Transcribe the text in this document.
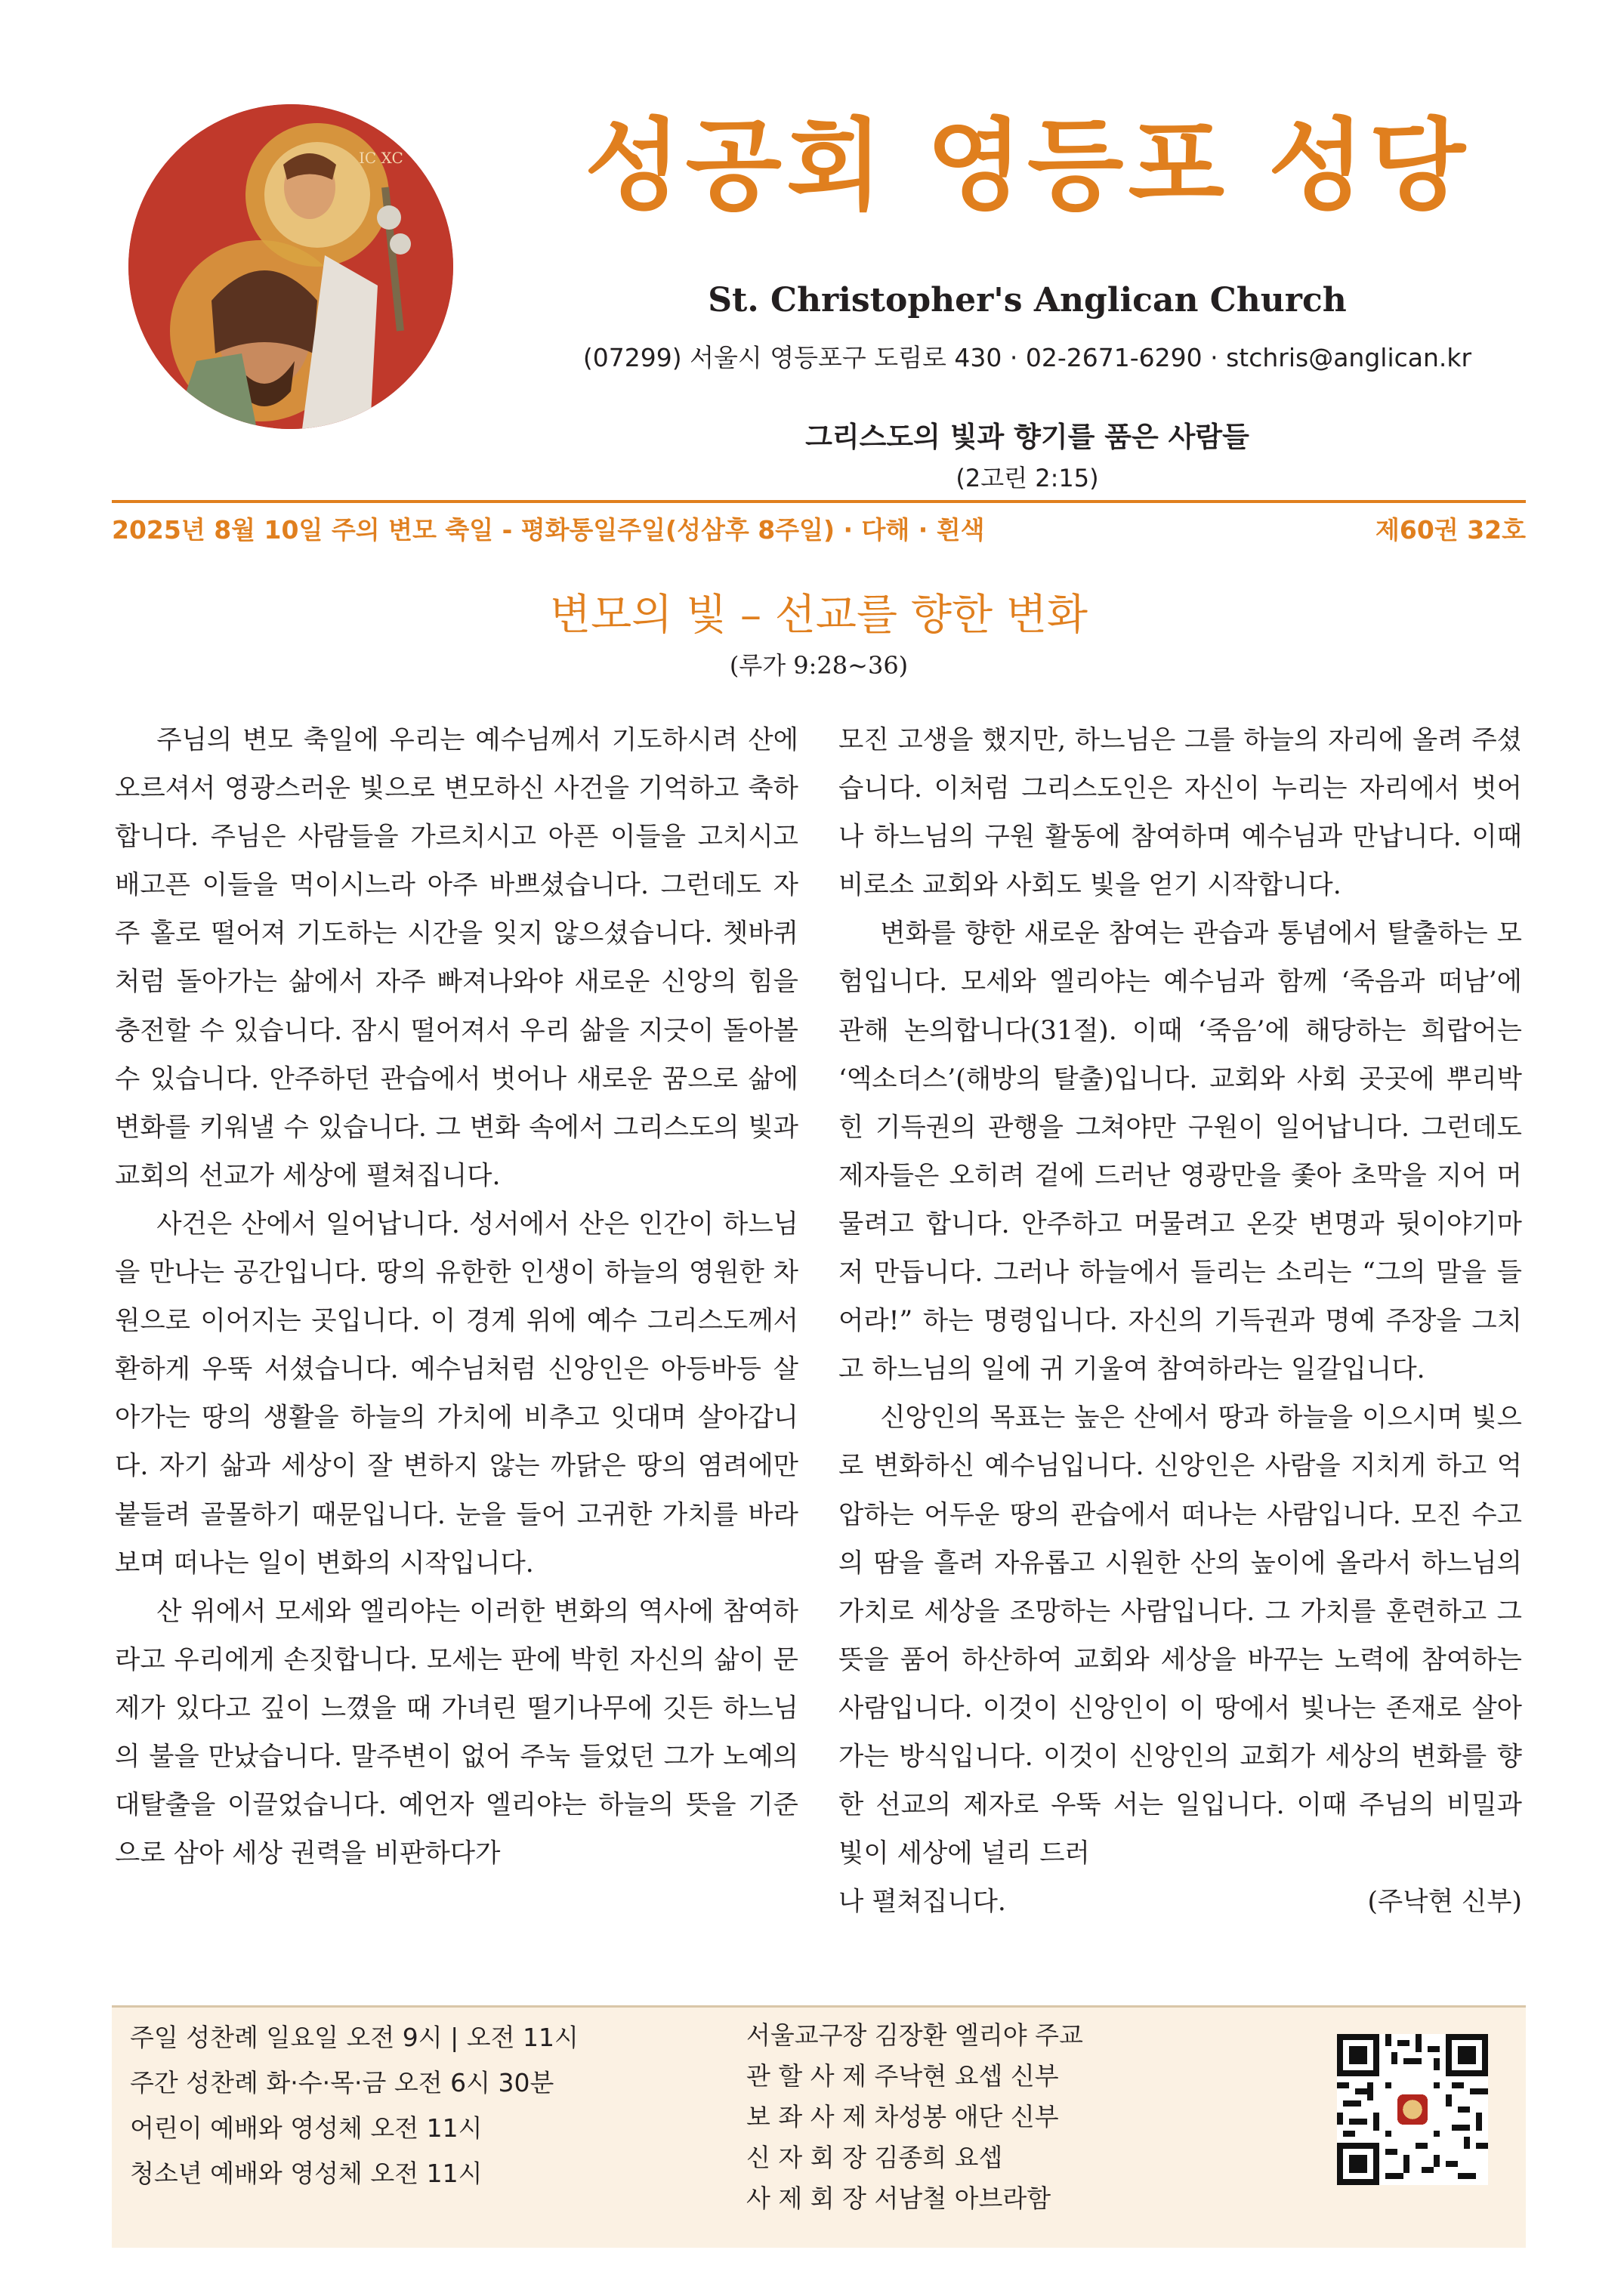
IC XC	성공회 영등포 성당
St. Christopher's Anglican Church
(07299) 서울시 영등포구 도림로 430 · 02-2671-6290 · stchris@anglican.kr
그리스도의 빛과 향기를 품은 사람들
(2고린 2:15)
2025년 8월 10일 주의 변모 축일 - 평화통일주일(성삼후 8주일) · 다해 · 흰색	제60권 32호
변모의 빛 – 선교를 향한 변화
(루가 9:28~36)

주님의 변모 축일에 우리는 예수님께서 기도하시려 산에 오르셔서 영광스러운 빛으로 변모하신 사건을 기억하고 축하합니다. 주님은 사람들을 가르치시고 아픈 이들을 고치시고 배고픈 이들을 먹이시느라 아주 바쁘셨습니다. 그런데도 자주 홀로 떨어져 기도하는 시간을 잊지 않으셨습니다. 쳇바퀴처럼 돌아가는 삶에서 자주 빠져나와야 새로운 신앙의 힘을 충전할 수 있습니다. 잠시 떨어져서 우리 삶을 지긋이 돌아볼 수 있습니다. 안주하던 관습에서 벗어나 새로운 꿈으로 삶에 변화를 키워낼 수 있습니다. 그 변화 속에서 그리스도의 빛과 교회의 선교가 세상에 펼쳐집니다.

사건은 산에서 일어납니다. 성서에서 산은 인간이 하느님을 만나는 공간입니다. 땅의 유한한 인생이 하늘의 영원한 차원으로 이어지는 곳입니다. 이 경계 위에 예수 그리스도께서 환하게 우뚝 서셨습니다. 예수님처럼 신앙인은 아등바등 살아가는 땅의 생활을 하늘의 가치에 비추고 잇대며 살아갑니다. 자기 삶과 세상이 잘 변하지 않는 까닭은 땅의 염려에만 붙들려 골몰하기 때문입니다. 눈을 들어 고귀한 가치를 바라보며 떠나는 일이 변화의 시작입니다.

산 위에서 모세와 엘리야는 이러한 변화의 역사에 참여하라고 우리에게 손짓합니다. 모세는 판에 박힌 자신의 삶이 문제가 있다고 깊이 느꼈을 때 가녀린 떨기나무에 깃든 하느님의 불을 만났습니다. 말주변이 없어 주눅 들었던 그가 노예의 대탈출을 이끌었습니다. 예언자 엘리야는 하늘의 뜻을 기준으로 삼아 세상 권력을 비판하다가

모진 고생을 했지만, 하느님은 그를 하늘의 자리에 올려 주셨습니다. 이처럼 그리스도인은 자신이 누리는 자리에서 벗어나 하느님의 구원 활동에 참여하며 예수님과 만납니다. 이때 비로소 교회와 사회도 빛을 얻기 시작합니다.

변화를 향한 새로운 참여는 관습과 통념에서 탈출하는 모험입니다. 모세와 엘리야는 예수님과 함께 ‘죽음과 떠남’에 관해 논의합니다(31절). 이때 ‘죽음’에 해당하는 희랍어는 ‘엑소더스’(해방의 탈출)입니다. 교회와 사회 곳곳에 뿌리박힌 기득권의 관행을 그쳐야만 구원이 일어납니다. 그런데도 제자들은 오히려 겉에 드러난 영광만을 좇아 초막을 지어 머물려고 합니다. 안주하고 머물려고 온갖 변명과 뒷이야기마저 만듭니다. 그러나 하늘에서 들리는 소리는 “그의 말을 들어라!” 하는 명령입니다. 자신의 기득권과 명예 주장을 그치고 하느님의 일에 귀 기울여 참여하라는 일갈입니다.

신앙인의 목표는 높은 산에서 땅과 하늘을 이으시며 빛으로 변화하신 예수님입니다. 신앙인은 사람을 지치게 하고 억압하는 어두운 땅의 관습에서 떠나는 사람입니다. 모진 수고의 땀을 흘려 자유롭고 시원한 산의 높이에 올라서 하느님의 가치로 세상을 조망하는 사람입니다. 그 가치를 훈련하고 그 뜻을 품어 하산하여 교회와 세상을 바꾸는 노력에 참여하는 사람입니다. 이것이 신앙인이 이 땅에서 빛나는 존재로 살아가는 방식입니다. 이것이 신앙인의 교회가 세상의 변화를 향한 선교의 제자로 우뚝 서는 일입니다. 이때 주님의 비밀과 빛이 세상에 널리 드러

나 펼쳐집니다.	(주낙현 신부)
주일 성찬례 일요일 오전 9시 | 오전 11시
주간 성찬례 화·수·목·금 오전 6시 30분
어린이 예배와 영성체 오전 11시
청소년 예배와 영성체 오전 11시
서울교구장 김장환 엘리야 주교
관 할 사 제 주낙현 요셉 신부
보 좌 사 제 차성봉 애단 신부
신 자 회 장 김종희 요셉
사 제 회 장 서남철 아브라함
